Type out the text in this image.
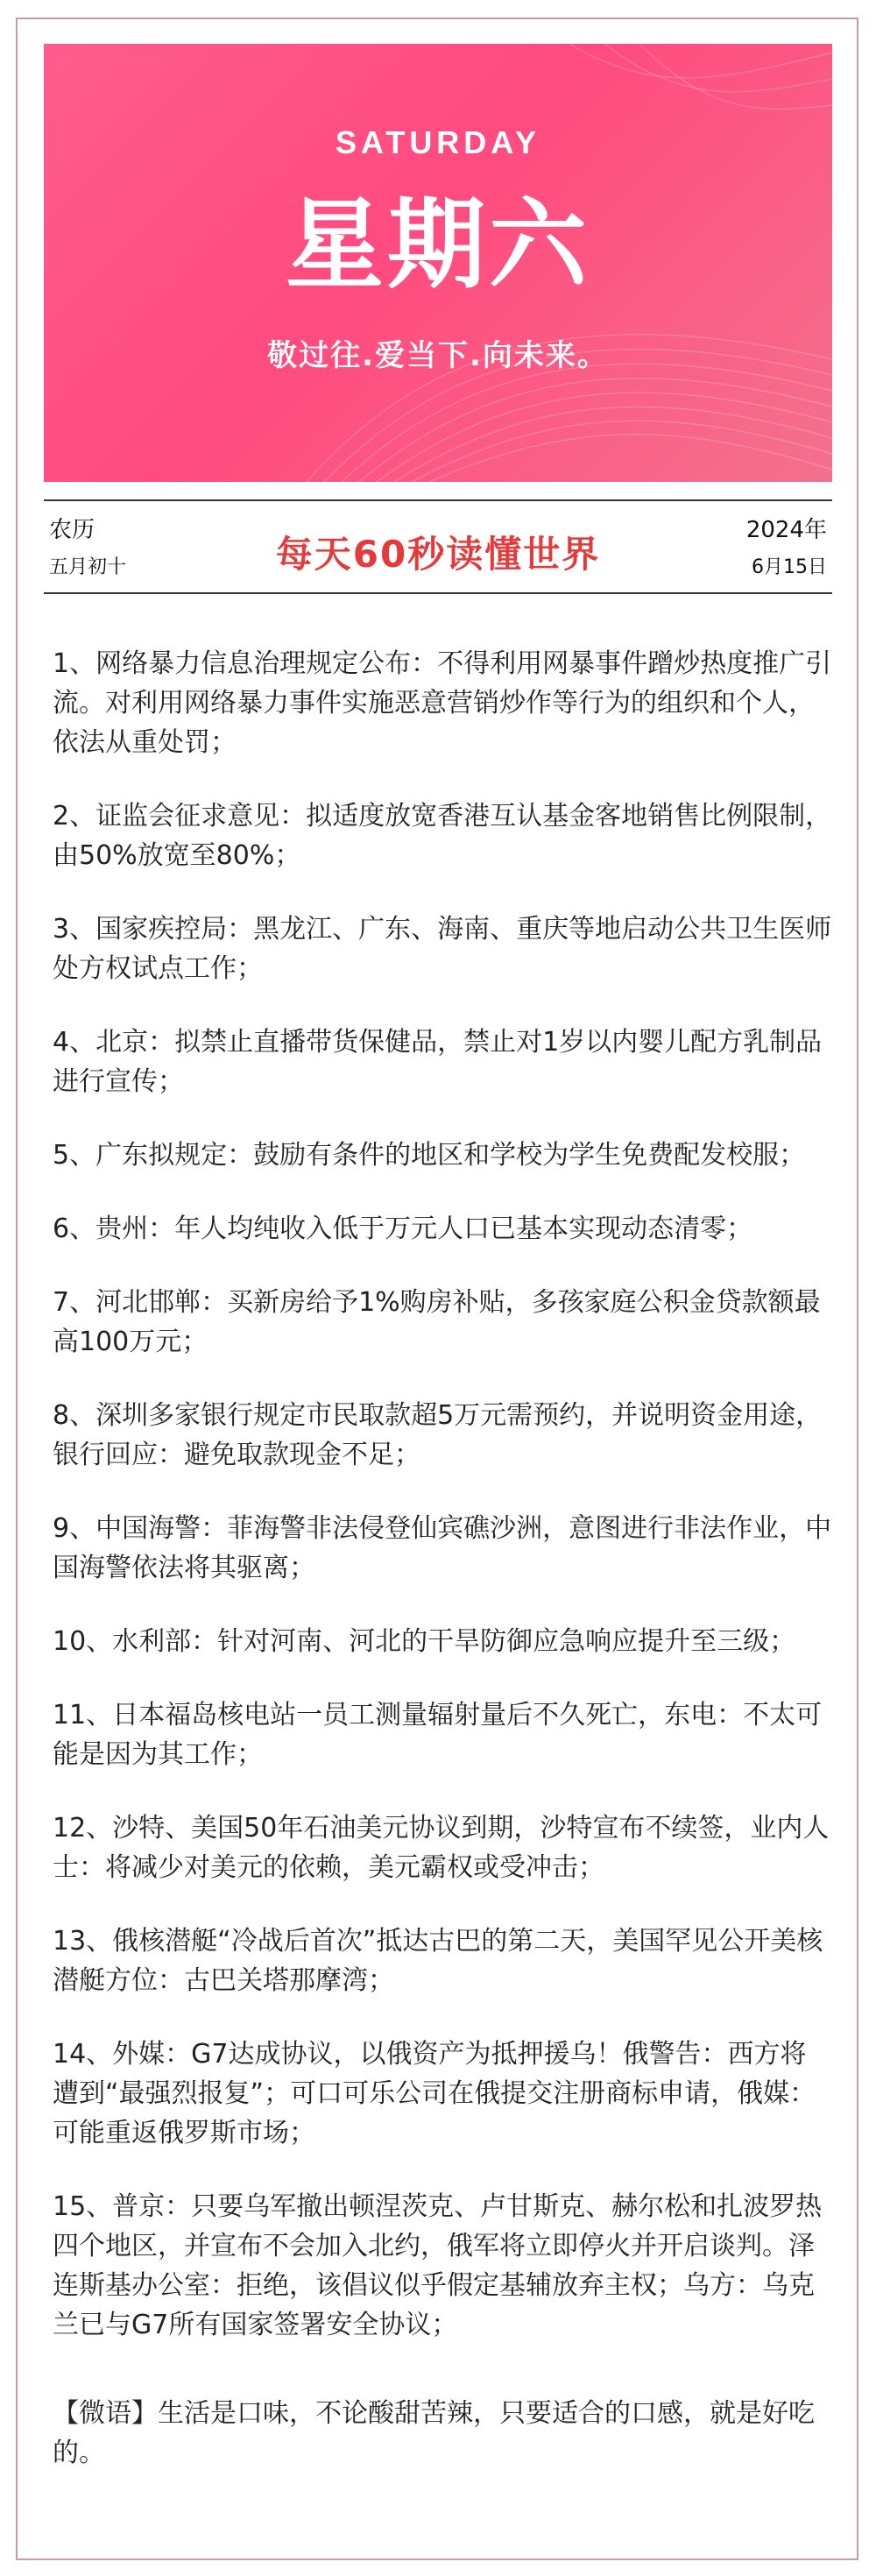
SATURDAY
星期六
敬过往.爱当下.向未来。
农历
五月初十	每天60秒读懂世界
2024年
6月15日

1、网络暴力信息治理规定公布：不得利用网暴事件蹭炒热度推广引流。对利用网络暴力事件实施恶意营销炒作等行为的组织和个人，依法从重处罚；

2、证监会征求意见：拟适度放宽香港互认基金客地销售比例限制，由50%放宽至80%；

3、国家疾控局：黑龙江、广东、海南、重庆等地启动公共卫生医师处方权试点工作；

4、北京：拟禁止直播带货保健品，禁止对1岁以内婴儿配方乳制品进行宣传；

5、广东拟规定：鼓励有条件的地区和学校为学生免费配发校服；

6、贵州：年人均纯收入低于万元人口已基本实现动态清零；

7、河北邯郸：买新房给予1%购房补贴，多孩家庭公积金贷款额最高100万元；

8、深圳多家银行规定市民取款超5万元需预约，并说明资金用途，银行回应：避免取款现金不足；

9、中国海警：菲海警非法侵登仙宾礁沙洲，意图进行非法作业，中国海警依法将其驱离；

10、水利部：针对河南、河北的干旱防御应急响应提升至三级；

11、日本福岛核电站一员工测量辐射量后不久死亡，东电：不太可能是因为其工作；

12、沙特、美国50年石油美元协议到期，沙特宣布不续签，业内人士：将减少对美元的依赖，美元霸权或受冲击；

13、俄核潜艇“冷战后首次”抵达古巴的第二天，美国罕见公开美核潜艇方位：古巴关塔那摩湾；

14、外媒：G7达成协议，以俄资产为抵押援乌！俄警告：西方将遭到“最强烈报复”；可口可乐公司在俄提交注册商标申请，俄媒：可能重返俄罗斯市场；

15、普京：只要乌军撤出顿涅茨克、卢甘斯克、赫尔松和扎波罗热四个地区，并宣布不会加入北约，俄军将立即停火并开启谈判。泽连斯基办公室：拒绝，该倡议似乎假定基辅放弃主权；乌方：乌克兰已与G7所有国家签署安全协议；

【微语】生活是口味，不论酸甜苦辣，只要适合的口感，就是好吃的。
